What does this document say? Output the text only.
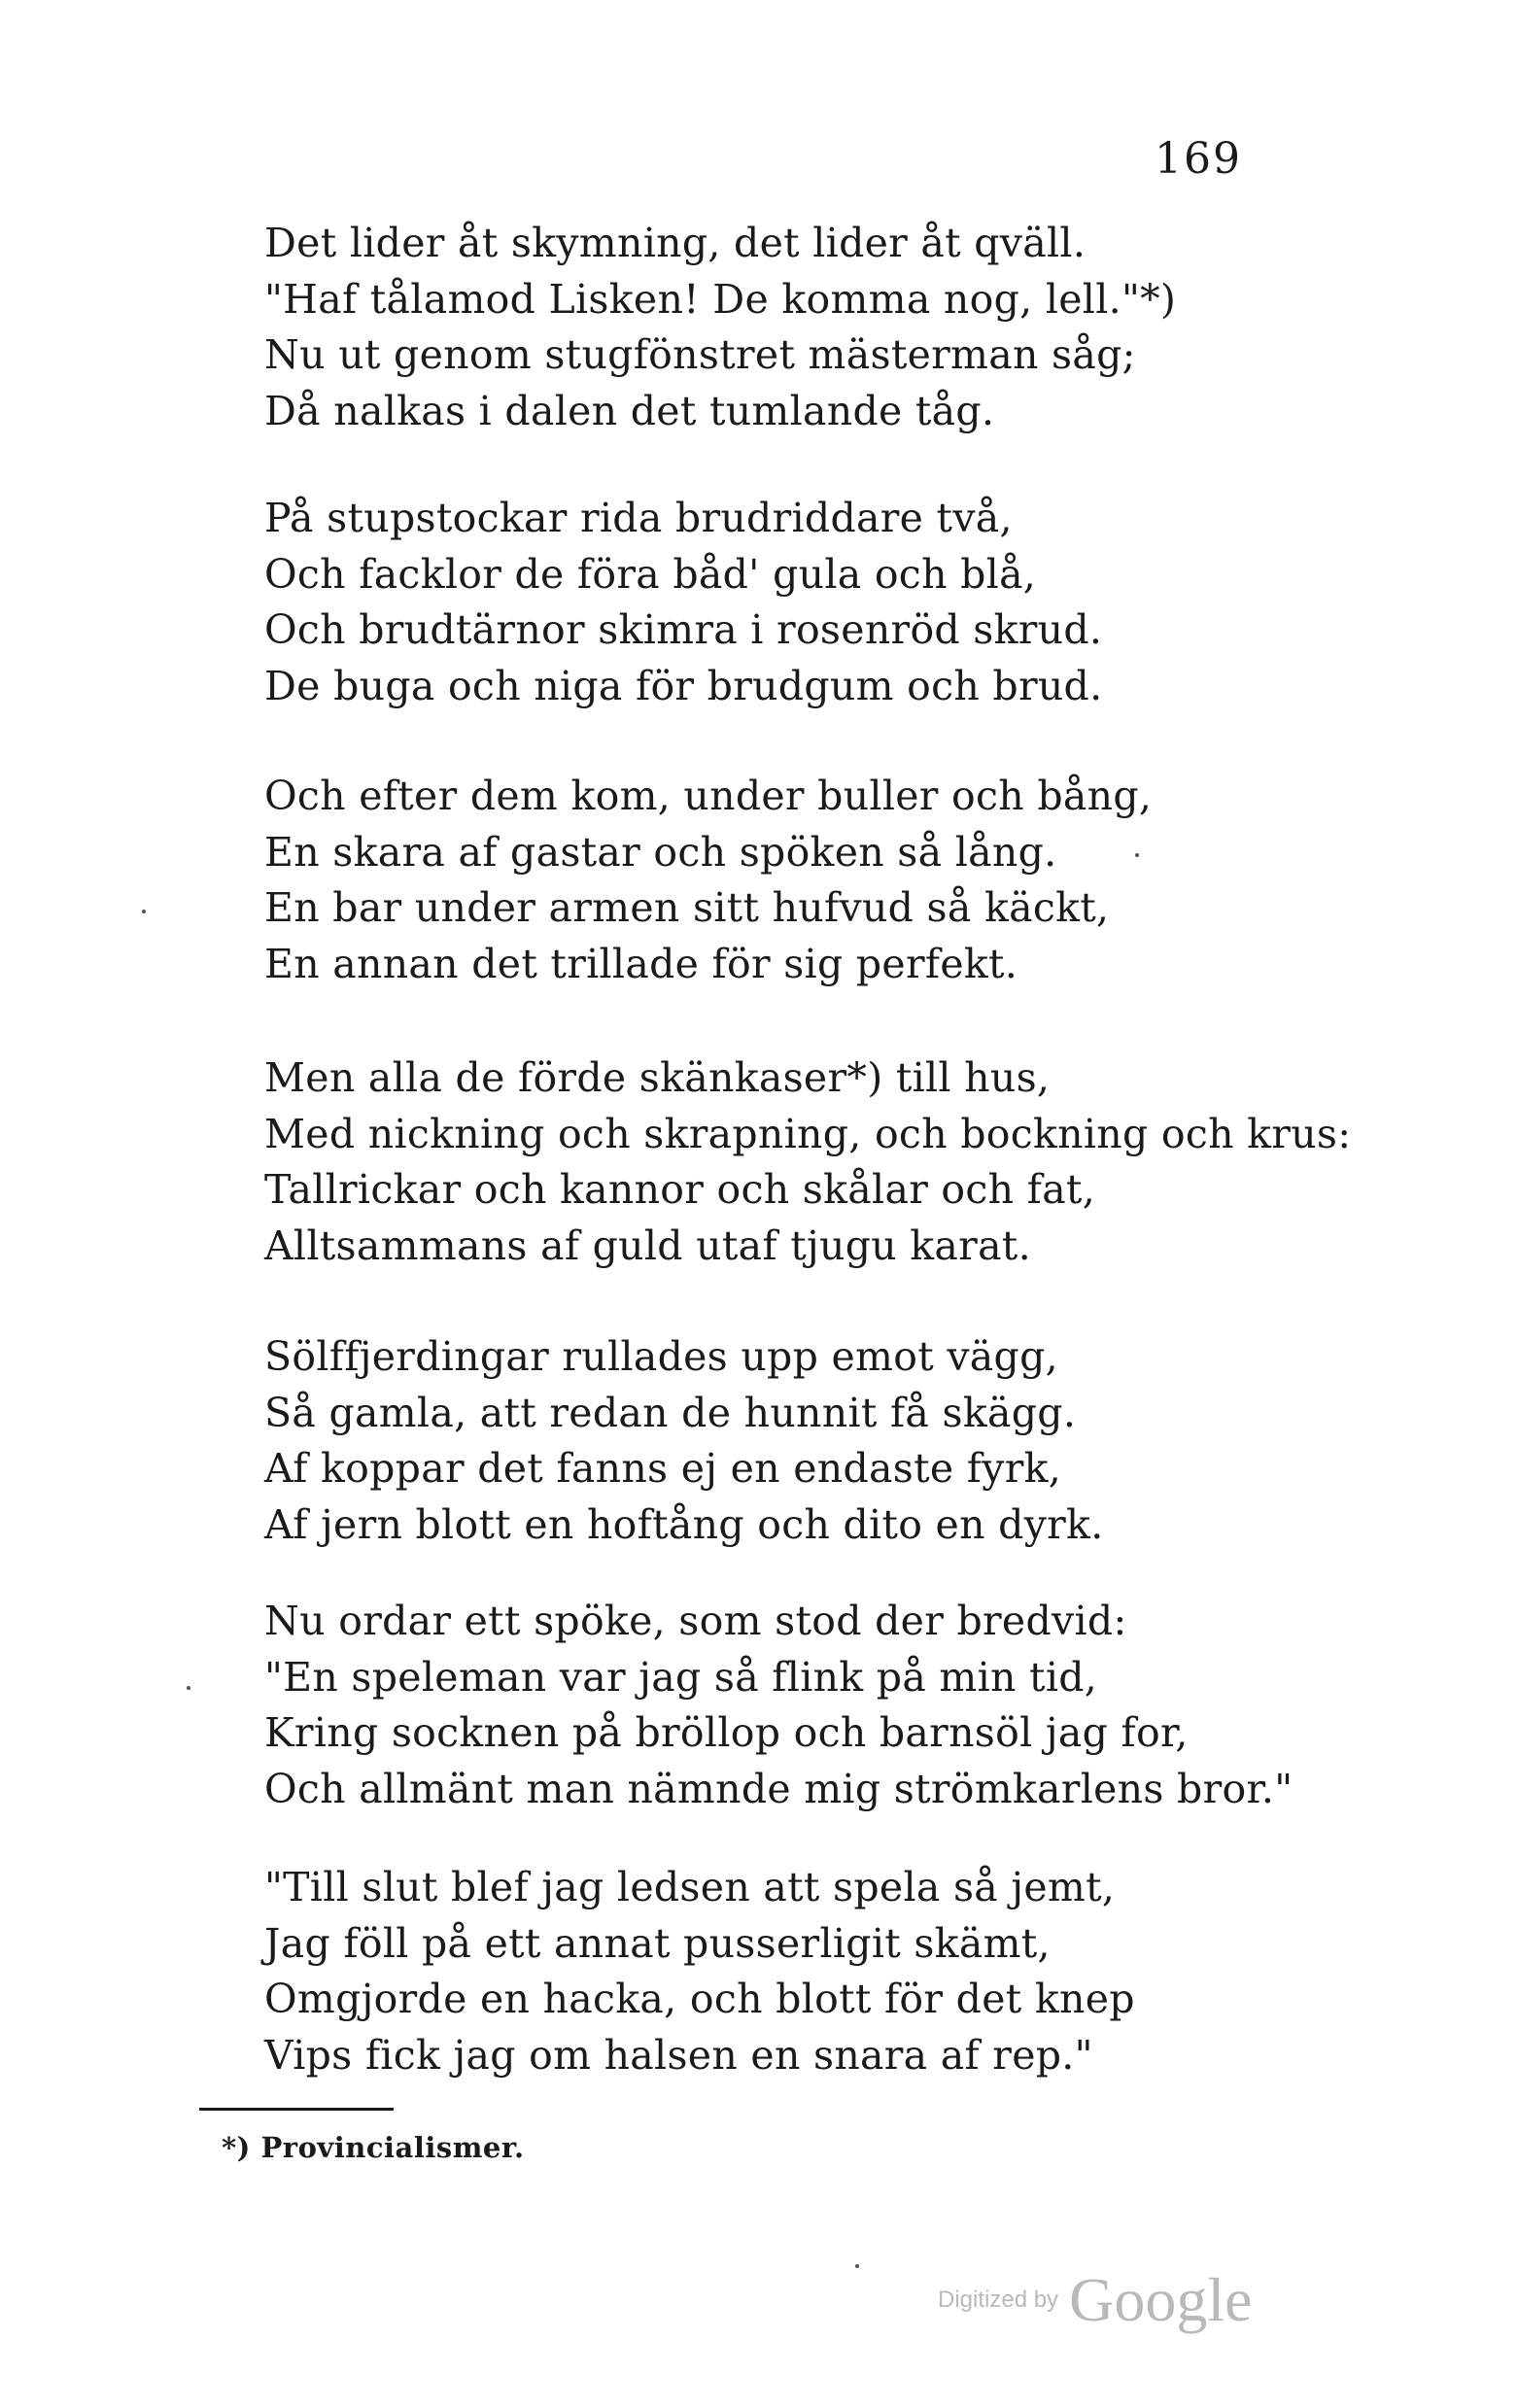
169
Det lider åt skymning, det lider åt qväll.
"Haf tålamod Lisken! De komma nog, lell."*)
Nu ut genom stugfönstret mästerman såg;
Då nalkas i dalen det tumlande tåg.
På stupstockar rida brudriddare två,
Och facklor de föra båd' gula och blå,
Och brudtärnor skimra i rosenröd skrud.
De buga och niga för brudgum och brud.
Och efter dem kom, under buller och bång,
En skara af gastar och spöken så lång.
En bar under armen sitt hufvud så käckt,
En annan det trillade för sig perfekt.
Men alla de förde skänkaser*) till hus,
Med nickning och skrapning, och bockning och krus:
Tallrickar och kannor och skålar och fat,
Alltsammans af guld utaf tjugu karat.
Sölffjerdingar rullades upp emot vägg,
Så gamla, att redan de hunnit få skägg.
Af koppar det fanns ej en endaste fyrk,
Af jern blott en hoftång och dito en dyrk.
Nu ordar ett spöke, som stod der bredvid:
"En speleman var jag så flink på min tid,
Kring socknen på bröllop och barnsöl jag for,
Och allmänt man nämnde mig strömkarlens bror."
"Till slut blef jag ledsen att spela så jemt,
Jag föll på ett annat pusserligit skämt,
Omgjorde en hacka, och blott för det knep
Vips fick jag om halsen en snara af rep."
*) Provincialismer.
Digitized by Google
